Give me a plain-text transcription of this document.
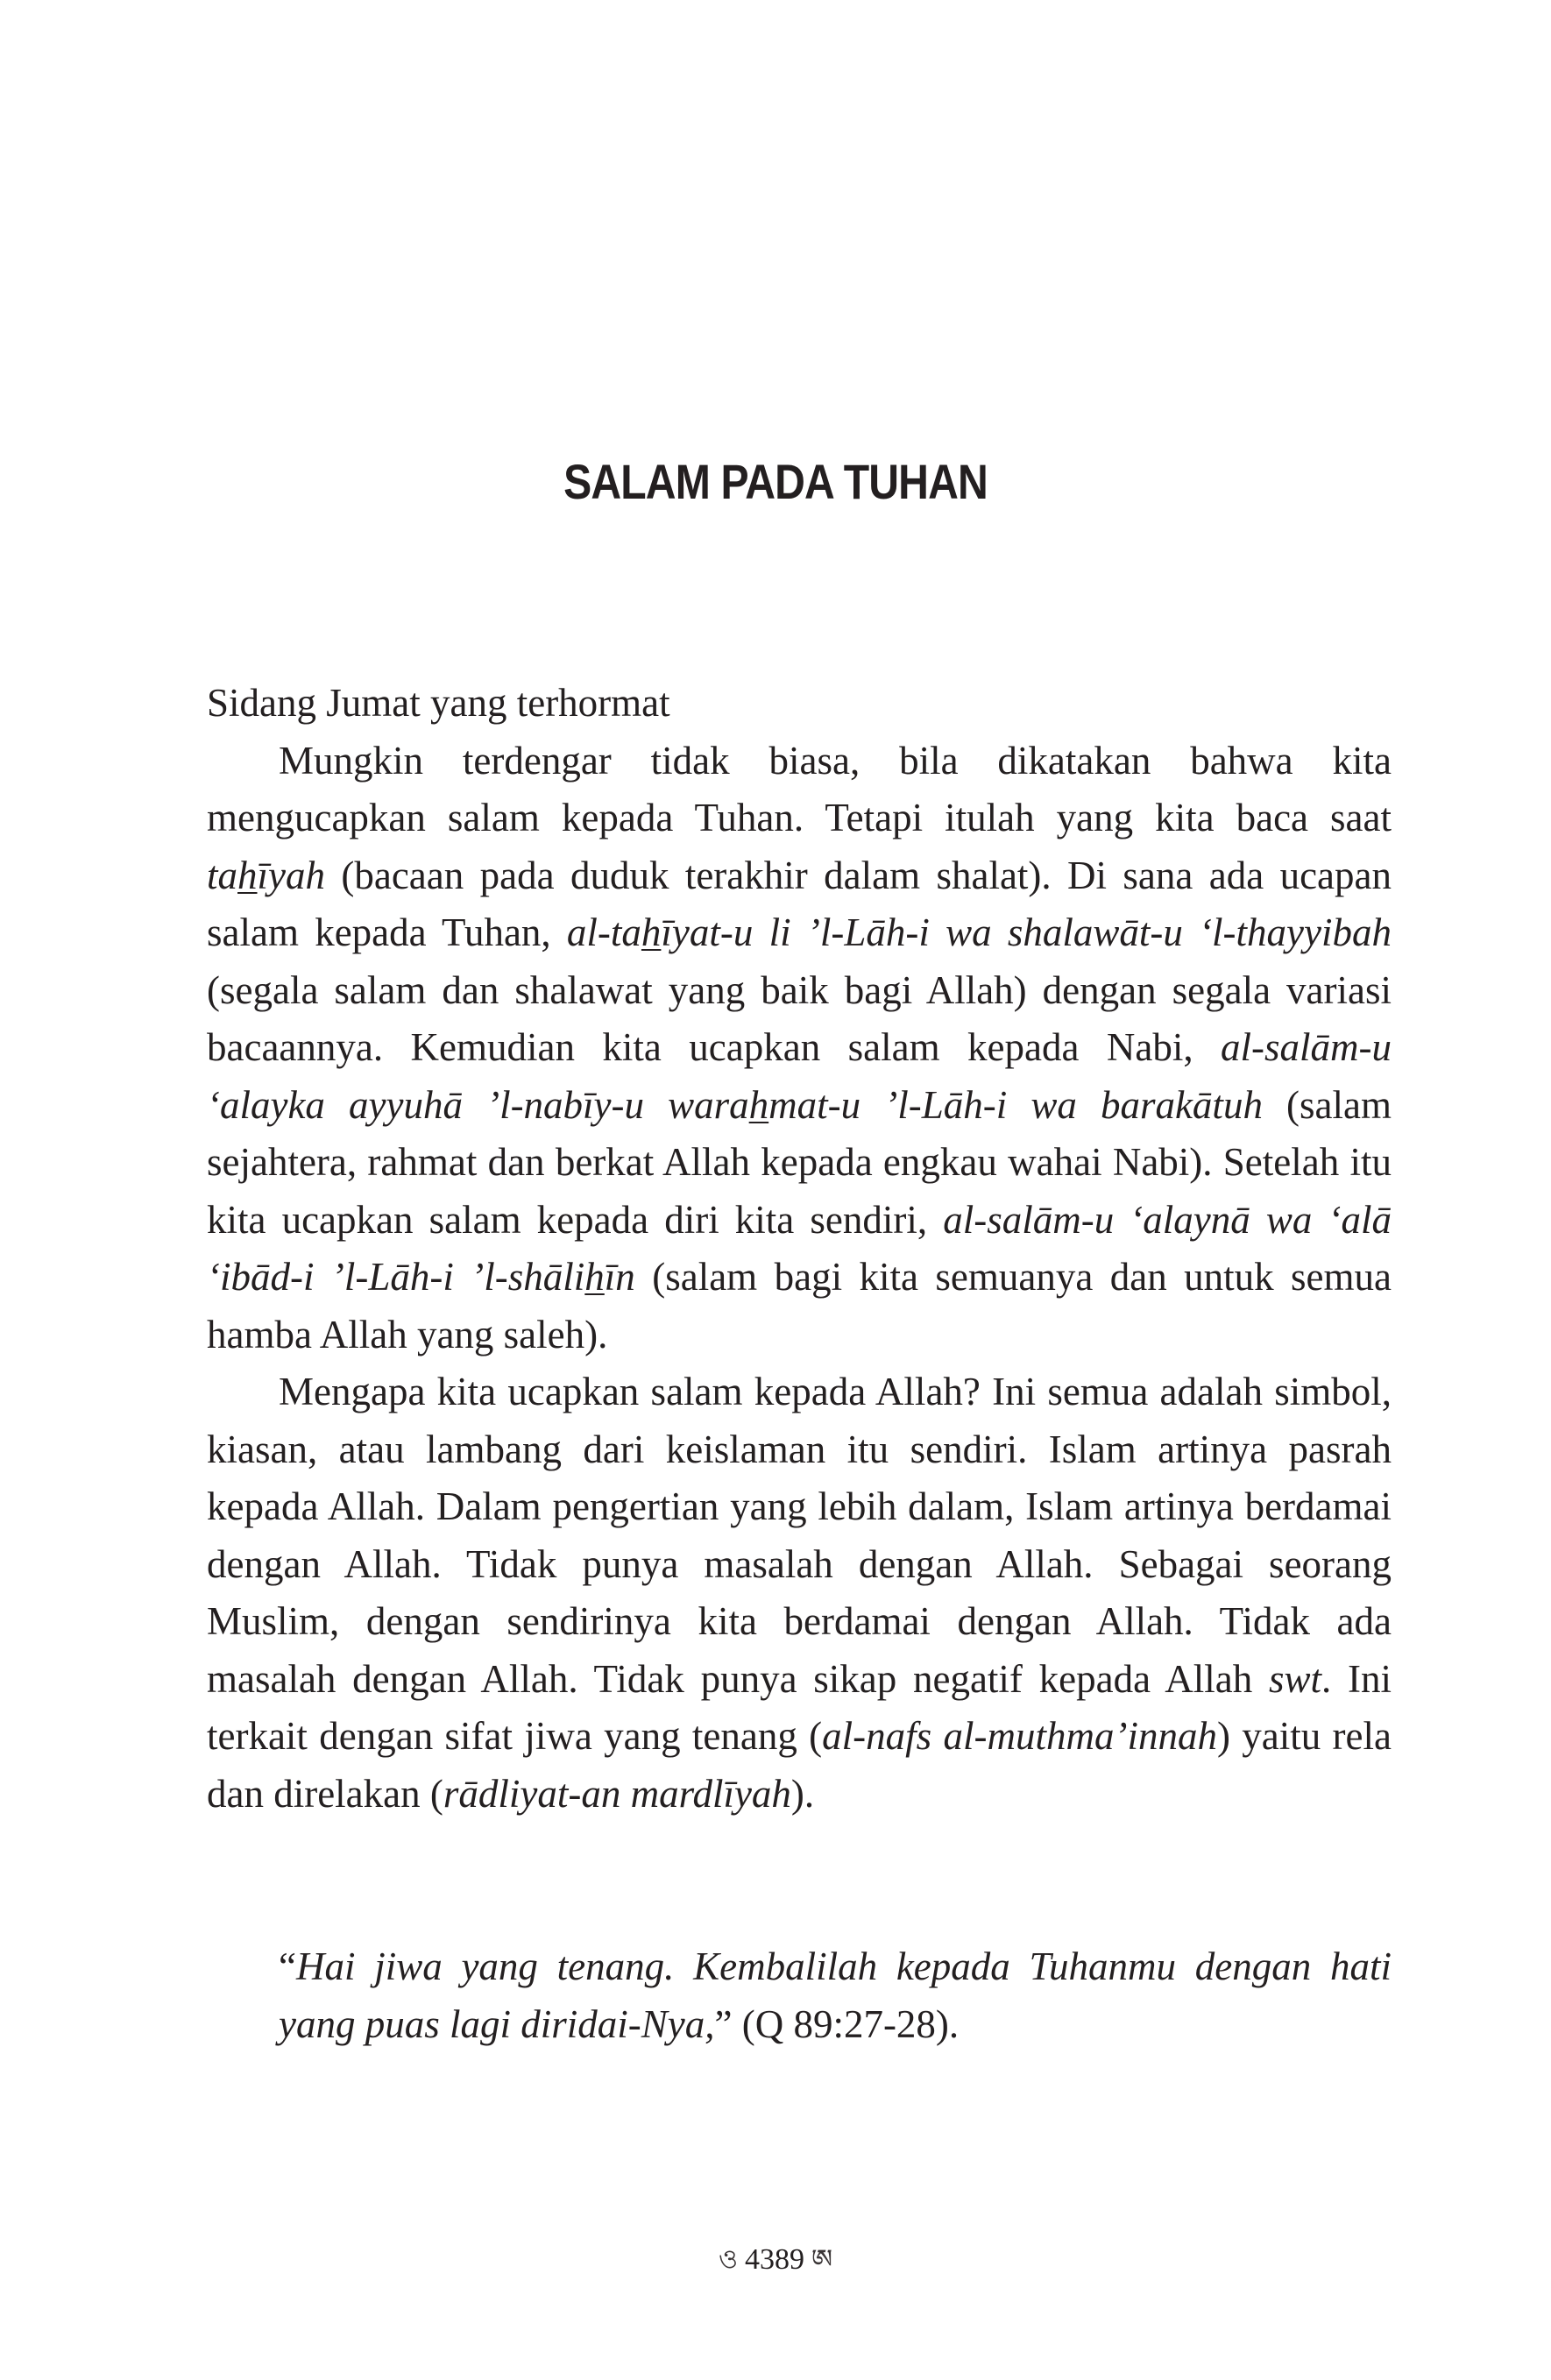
SALAM PADA TUHAN

Sidang Jumat yang terhormat

Mungkin terdengar tidak biasa, bila dikatakan bahwa kita mengucapkan salam kepada Tuhan. Tetapi itulah yang kita baca saat tahīyah (bacaan pada duduk terakhir dalam shalat). Di sana ada ucapan salam kepada Tuhan, al-tahīyat-u li ’l-Lāh-i wa shalawāt-u ‘l-thayyibah (segala salam dan shalawat yang baik bagi Allah) dengan segala variasi bacaannya. Kemudian kita ucapkan salam kepada Nabi, al-salām-u ‘alayka ayyuhā ’l-nabīy-u warahmat-u ’l-Lāh-i wa barakātuh (salam sejahtera, rahmat dan berkat Allah kepada engkau wahai Nabi). Setelah itu kita ucapkan salam kepada diri kita sendiri, al-salām-u ‘alaynā wa ‘alā ‘ibād-i ’l-Lāh-i ’l-shālihīn (salam bagi kita semuanya dan untuk semua hamba Allah yang saleh).

Mengapa kita ucapkan salam kepada Allah? Ini semua adalah simbol, kiasan, atau lambang dari keislaman itu sendiri. Islam artinya pasrah kepada Allah. Dalam pengertian yang lebih dalam, Islam artinya berdamai dengan Allah. Tidak punya masalah dengan Allah. Sebagai seorang Muslim, dengan sendirinya kita berdamai dengan Allah. Tidak ada masalah dengan Allah. Tidak punya sikap negatif kepada Allah swt. Ini terkait dengan sifat jiwa yang tenang (al-nafs al-muthma’innah) yaitu rela dan direlakan (rādliyat-an mardlīyah).

“Hai jiwa yang tenang. Kembalilah kepada Tuhanmu dengan hati yang puas lagi diridai-Nya,” (Q 89:27-28).

ও 4389 ཨ
